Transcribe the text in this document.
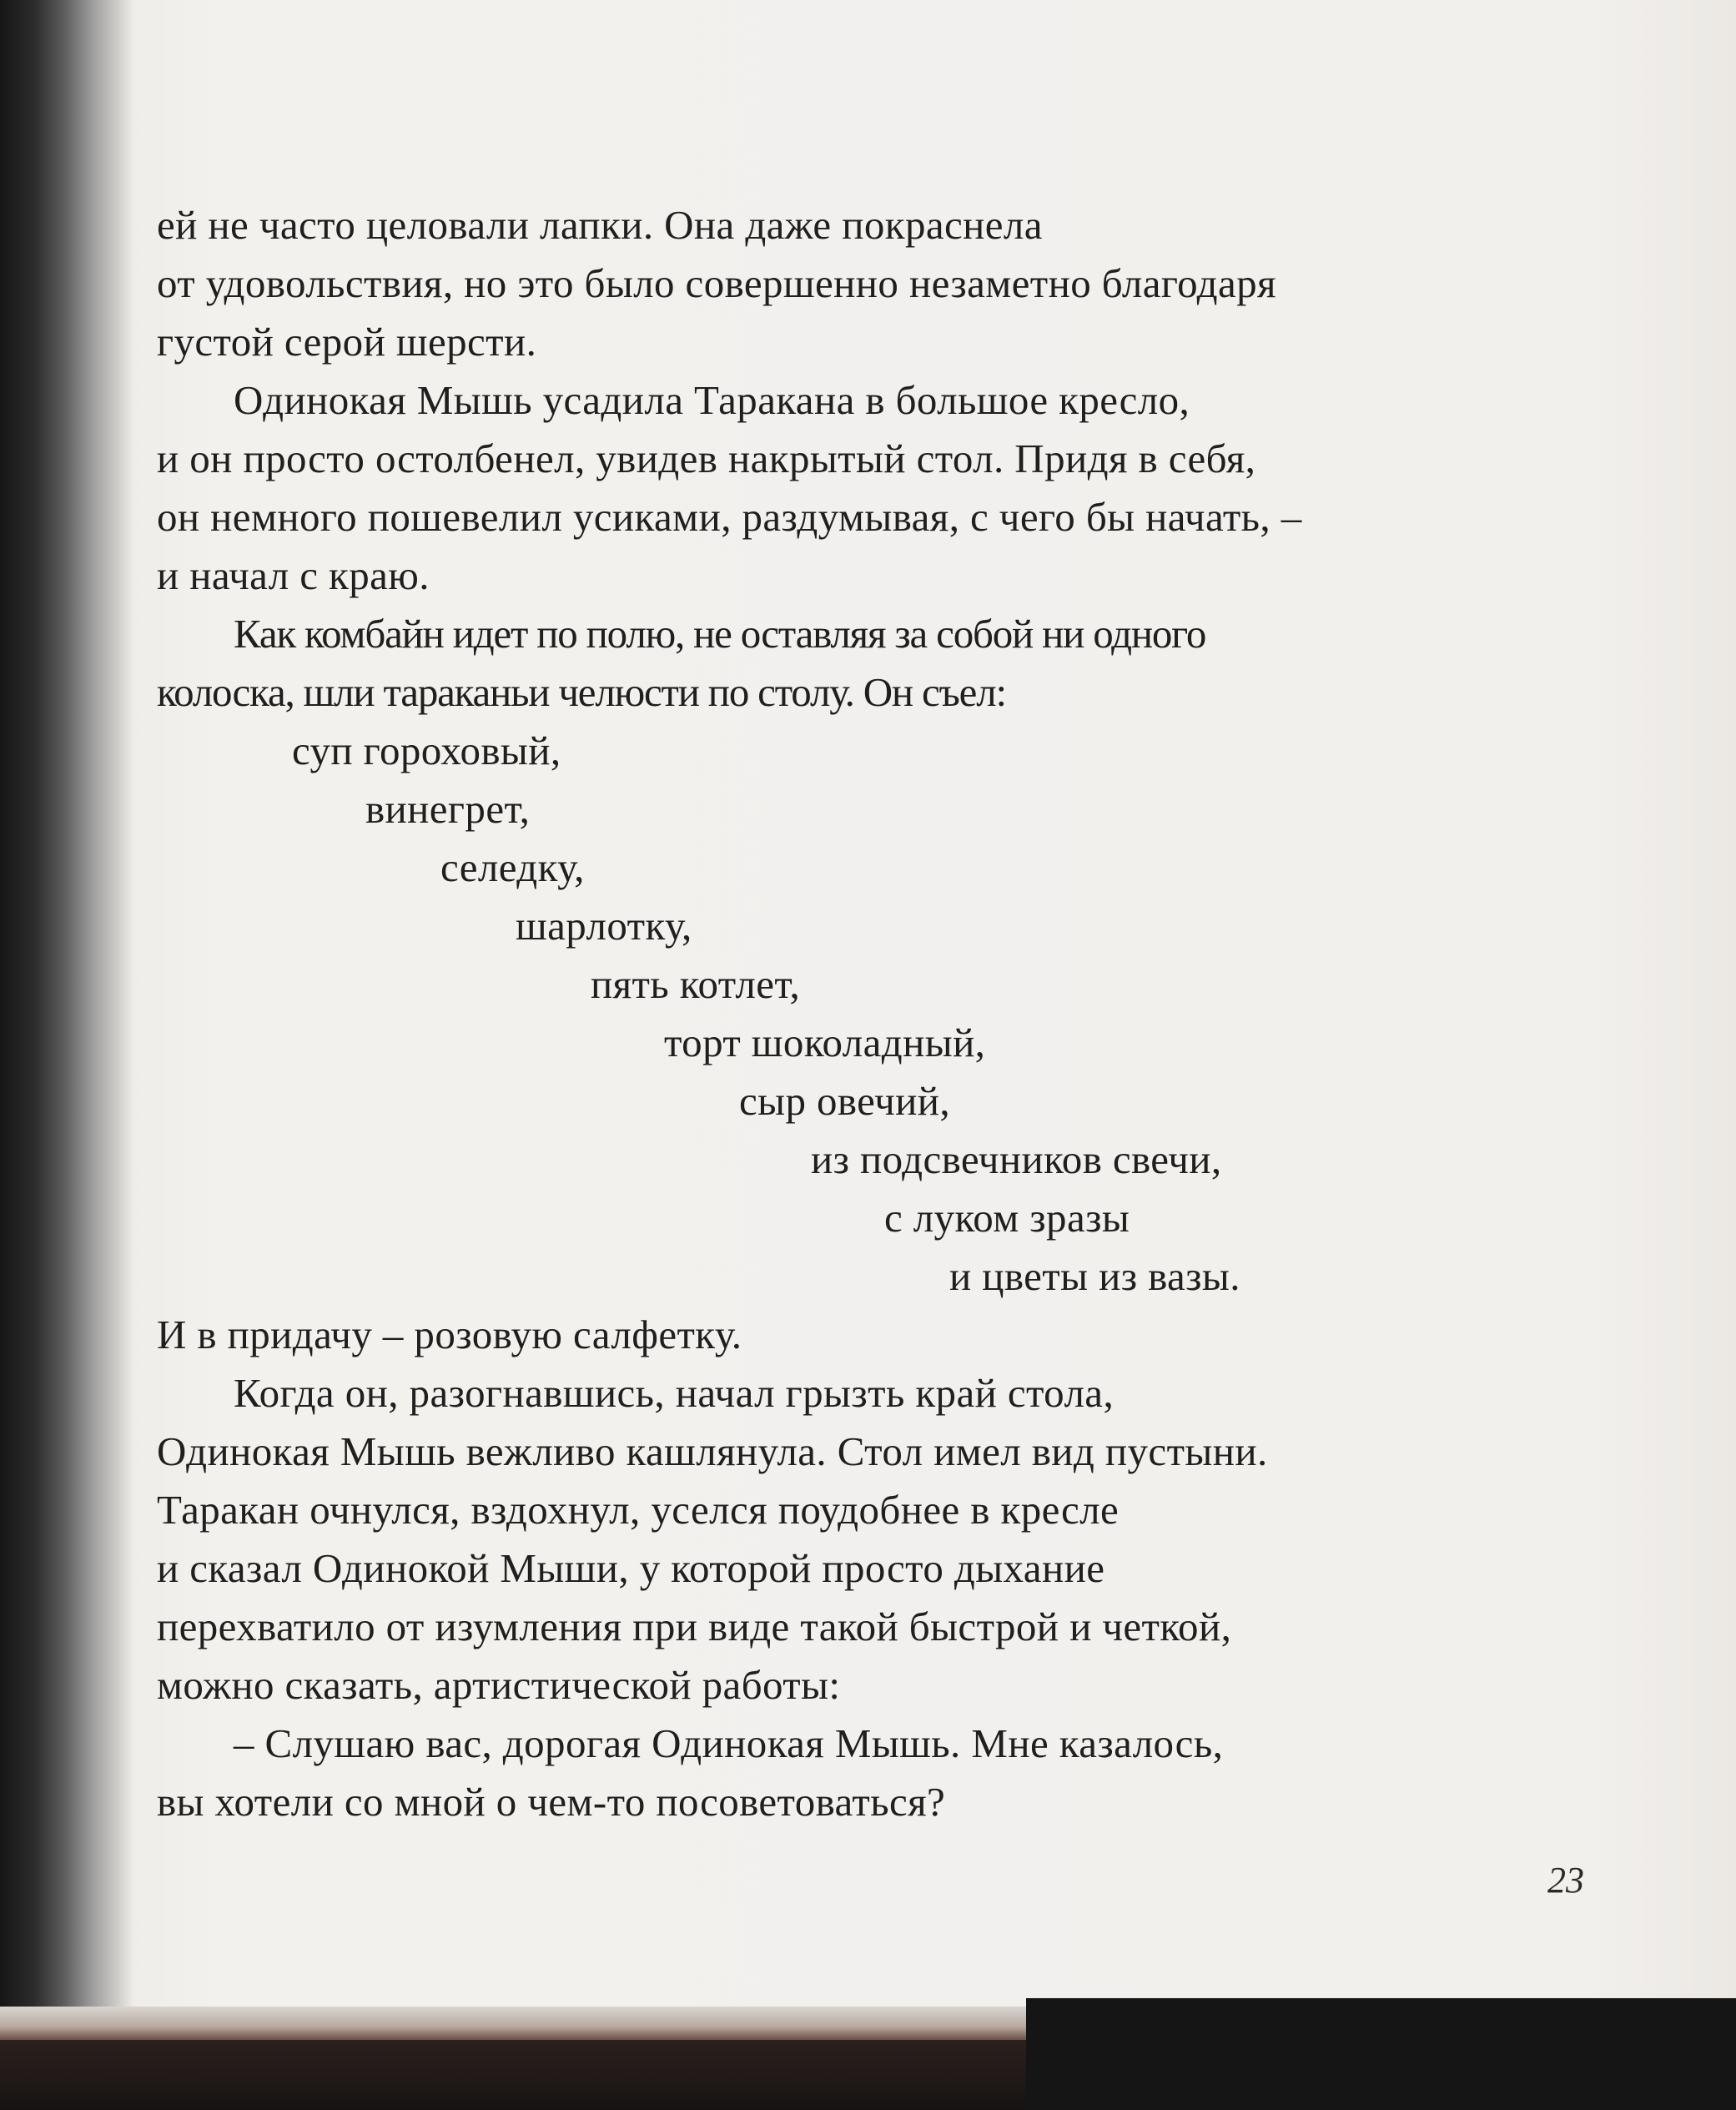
ей не часто целовали лапки. Она даже покраснела
от удовольствия, но это было совершенно незаметно благодаря
густой серой шерсти.
Одинокая Мышь усадила Таракана в большое кресло,
и он просто остолбенел, увидев накрытый стол. Придя в себя,
он немного пошевелил усиками, раздумывая, с чего бы начать, –
и начал с краю.
Как комбайн идет по полю, не оставляя за собой ни одного
колоска, шли тараканьи челюсти по столу. Он съел:
суп гороховый,
винегрет,
селедку,
шарлотку,
пять котлет,
торт шоколадный,
сыр овечий,
из подсвечников свечи,
с луком зразы
и цветы из вазы.
И в придачу – розовую салфетку.
Когда он, разогнавшись, начал грызть край стола,
Одинокая Мышь вежливо кашлянула. Стол имел вид пустыни.
Таракан очнулся, вздохнул, уселся поудобнее в кресле
и сказал Одинокой Мыши, у которой просто дыхание
перехватило от изумления при виде такой быстрой и четкой,
можно сказать, артистической работы:
– Слушаю вас, дорогая Одинокая Мышь. Мне казалось,
вы хотели со мной о чем-то посоветоваться?
23
